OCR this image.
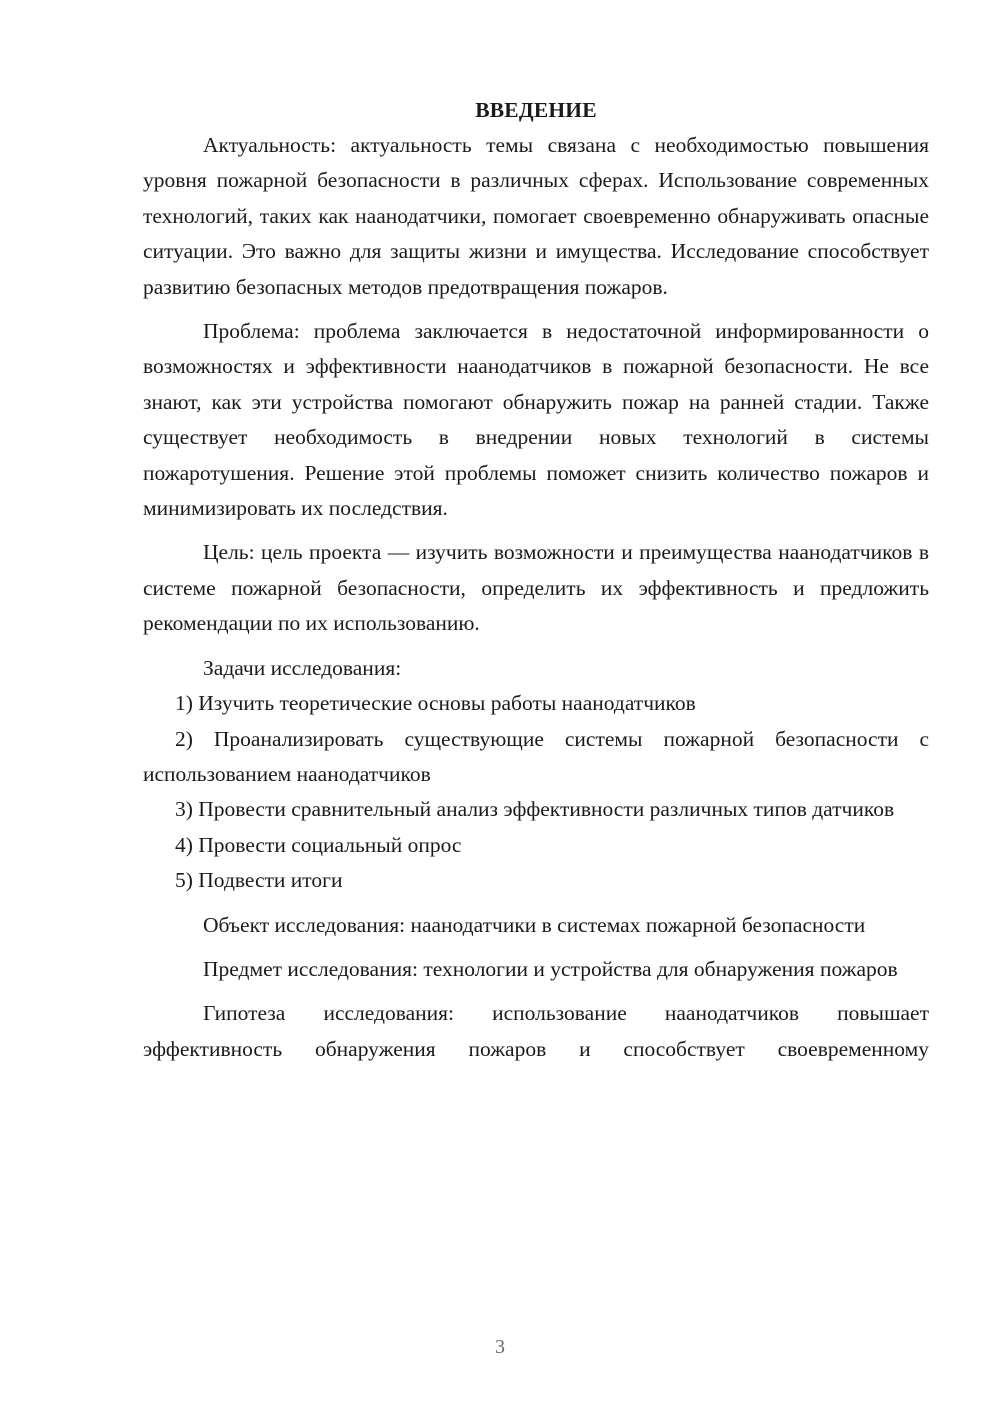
ВВЕДЕНИЕ

Актуальность: актуальность темы связана с необходимостью повышения уровня пожарной безопасности в различных сферах. Использование современных технологий, таких как наанодатчики, помогает своевременно обнаруживать опасные ситуации. Это важно для защиты жизни и имущества. Исследование способствует развитию безопасных методов предотвращения пожаров.

Проблема: проблема заключается в недостаточной информированности о возможностях и эффективности наанодатчиков в пожарной безопасности. Не все знают, как эти устройства помогают обнаружить пожар на ранней стадии. Также существует необходимость в внедрении новых технологий в системы пожаротушения. Решение этой проблемы поможет снизить количество пожаров и минимизировать их последствия.

Цель: цель проекта — изучить возможности и преимущества наанодатчиков в системе пожарной безопасности, определить их эффективность и предложить рекомендации по их использованию.

Задачи исследования:

1) Изучить теоретические основы работы наанодатчиков

2) Проанализировать существующие системы пожарной безопасности с использованием наанодатчиков

3) Провести сравнительный анализ эффективности различных типов датчиков

4) Провести социальный опрос

5) Подвести итоги

Объект исследования: наанодатчики в системах пожарной безопасности

Предмет исследования: технологии и устройства для обнаружения пожаров

Гипотеза исследования: использование наанодатчиков повышает эффективность обнаружения пожаров и способствует своевременному

3
